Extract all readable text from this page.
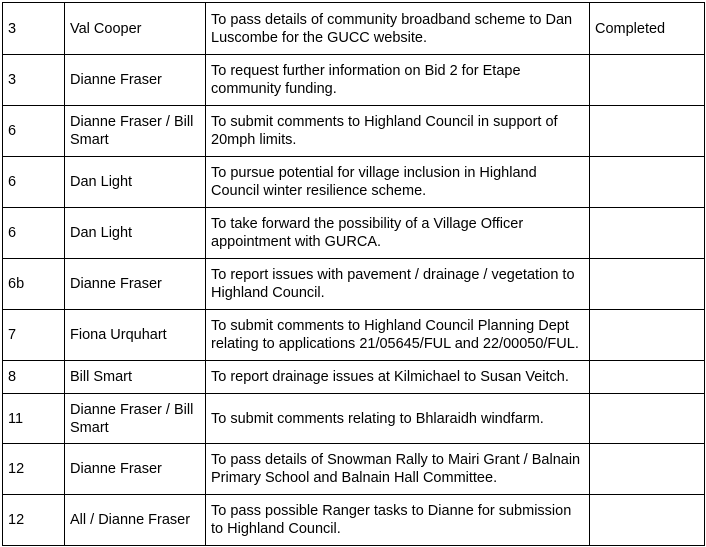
3	Val Cooper	To pass details of community broadband scheme to Dan Luscombe for the GUCC website.	Completed
3	Dianne Fraser	To request further information on Bid 2 for Etape community funding.	
6	Dianne Fraser / Bill Smart	To submit comments to Highland Council in support of 20mph limits.	
6	Dan Light	To pursue potential for village inclusion in Highland Council winter resilience scheme.	
6	Dan Light	To take forward the possibility of a Village Officer appointment with GURCA.	
6b	Dianne Fraser	To report issues with pavement / drainage / vegetation to Highland Council.	
7	Fiona Urquhart	To submit comments to Highland Council Planning Dept relating to applications 21/05645/FUL and 22/00050/FUL.	
8	Bill Smart	To report drainage issues at Kilmichael to Susan Veitch.	
11	Dianne Fraser / Bill Smart	To submit comments relating to Bhlaraidh windfarm.	
12	Dianne Fraser	To pass details of Snowman Rally to Mairi Grant / Balnain Primary School and Balnain Hall Committee.	
12	All / Dianne Fraser	To pass possible Ranger tasks to Dianne for submission to Highland Council.	
